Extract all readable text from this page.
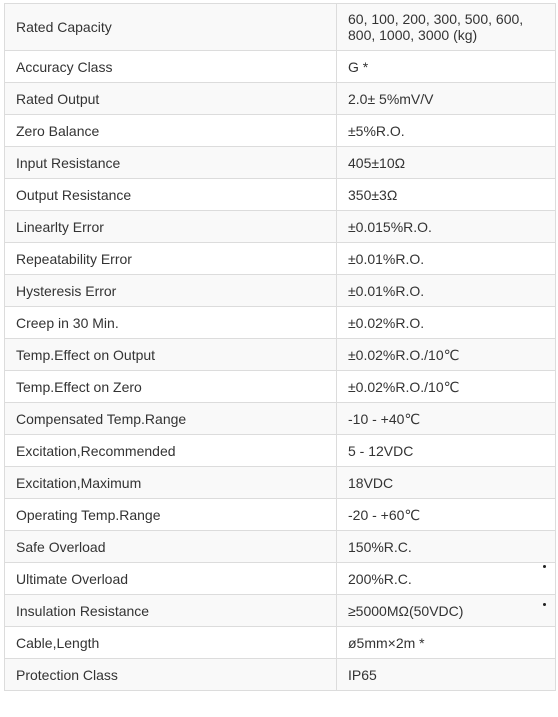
Rated Capacity	60, 100, 200, 300, 500, 600, 800, 1000, 3000 (kg)
Accuracy Class	G *
Rated Output	2.0± 5%mV/V
Zero Balance	±5%R.O.
Input Resistance	405±10Ω
Output Resistance	350±3Ω
Linearlty Error	±0.015%R.O.
Repeatability Error	±0.01%R.O.
Hysteresis Error	±0.01%R.O.
Creep in 30 Min.	±0.02%R.O.
Temp.Effect on Output	±0.02%R.O./10℃
Temp.Effect on Zero	±0.02%R.O./10℃
Compensated Temp.Range	-10 - +40℃
Excitation,Recommended	5 - 12VDC
Excitation,Maximum	18VDC
Operating Temp.Range	-20 - +60℃
Safe Overload	150%R.C.
Ultimate Overload	200%R.C.
Insulation Resistance	≥5000MΩ(50VDC)
Cable,Length	ø5mm×2m *
Protection Class	IP65
